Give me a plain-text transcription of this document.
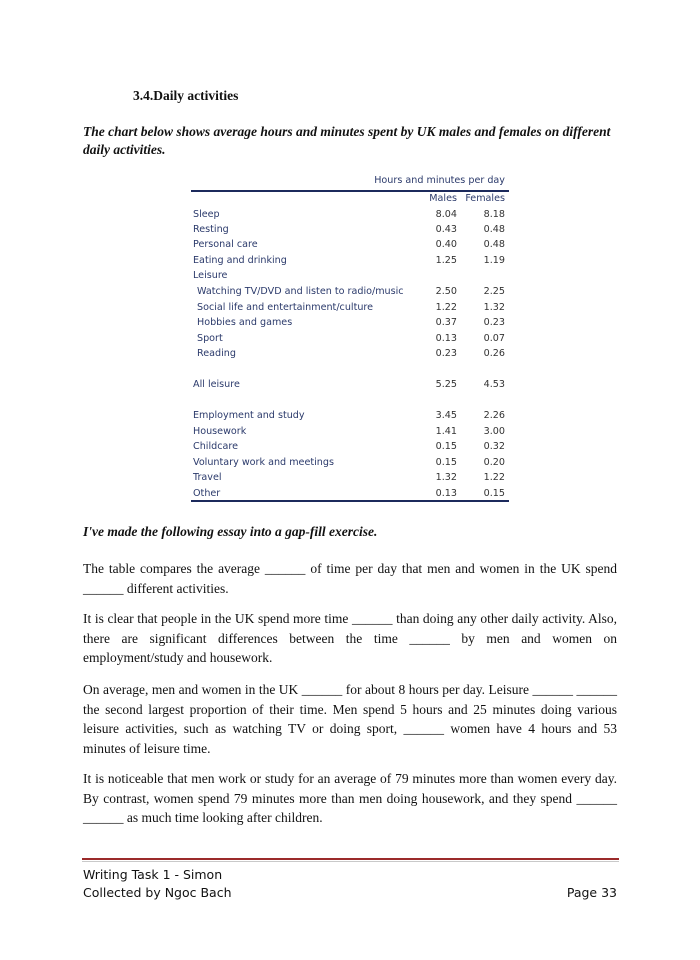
3.4.Daily activities
The chart below shows average hours and minutes spent by UK males and females on different daily activities.
Hours and minutes per day
Males Females
Sleep	8.04	8.18
Resting	0.43	0.48
Personal care	0.40	0.48
Eating and drinking	1.25	1.19
Leisure
Watching TV/DVD and listen to radio/music	2.50	2.25
Social life and entertainment/culture	1.22	1.32
Hobbies and games	0.37	0.23
Sport	0.13	0.07
Reading	0.23	0.26
All leisure	5.25	4.53
Employment and study	3.45	2.26
Housework	1.41	3.00
Childcare	0.15	0.32
Voluntary work and meetings	0.15	0.20
Travel	1.32	1.22
Other	0.13	0.15
I've made the following essay into a gap-fill exercise.
The table compares the average ______ of time per day that men and women in the UK spend ______ different activities.
It is clear that people in the UK spend more time ______ than doing any other daily activity. Also, there are significant differences between the time ______ by men and women on employment/study and housework.
On average, men and women in the UK ______ for about 8 hours per day. Leisure ______ ______ the second largest proportion of their time. Men spend 5 hours and 25 minutes doing various leisure activities, such as watching TV or doing sport, ______ women have 4 hours and 53 minutes of leisure time.
It is noticeable that men work or study for an average of 79 minutes more than women every day. By contrast, women spend 79 minutes more than men doing housework, and they spend ______ ______ as much time looking after children.
Writing Task 1 - Simon
Collected by Ngoc Bach	Page 33
